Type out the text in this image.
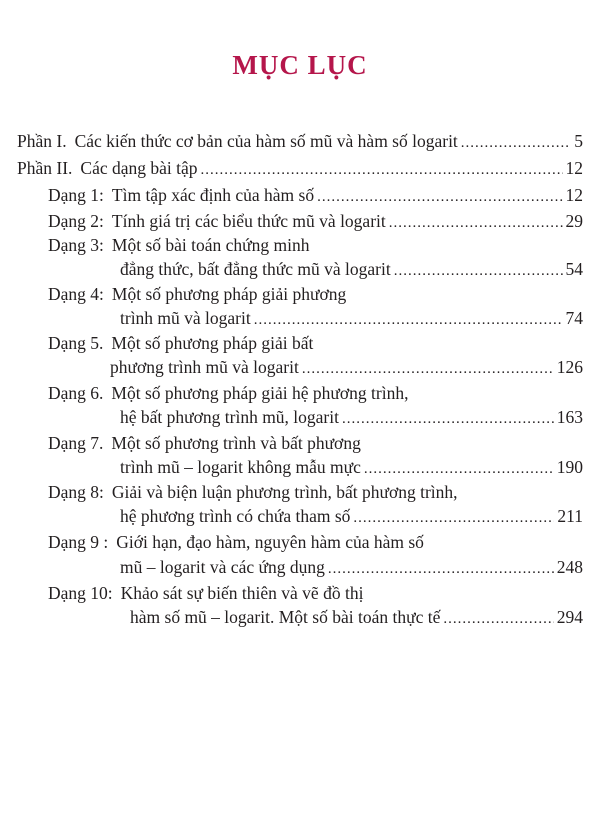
MỤC LỤC
Phần I. Các kiến thức cơ bản của hàm số mũ và hàm số logarit .....	5
Phần II. Các dạng bài tập .....	12
Dạng 1: Tìm tập xác định của hàm số .....	12
Dạng 2: Tính giá trị các biểu thức mũ và logarit .....	29
Dạng 3: Một số bài toán chứng minh
đẳng thức, bất đẳng thức mũ và logarit .....	54
Dạng 4: Một số phương pháp giải phương
trình mũ và logarit .....	74
Dạng 5. Một số phương pháp giải bất
phương trình mũ và logarit .....	126
Dạng 6. Một số phương pháp giải hệ phương trình,
hệ bất phương trình mũ, logarit .....	163
Dạng 7. Một số phương trình và bất phương
trình mũ – logarit không mẫu mực .....	190
Dạng 8: Giải và biện luận phương trình, bất phương trình,
hệ phương trình có chứa tham số .....	211
Dạng 9 : Giới hạn, đạo hàm, nguyên hàm của hàm số
mũ – logarit và các ứng dụng .....	248
Dạng 10: Khảo sát sự biến thiên và vẽ đồ thị
hàm số mũ – logarit. Một số bài toán thực tế .....	294
